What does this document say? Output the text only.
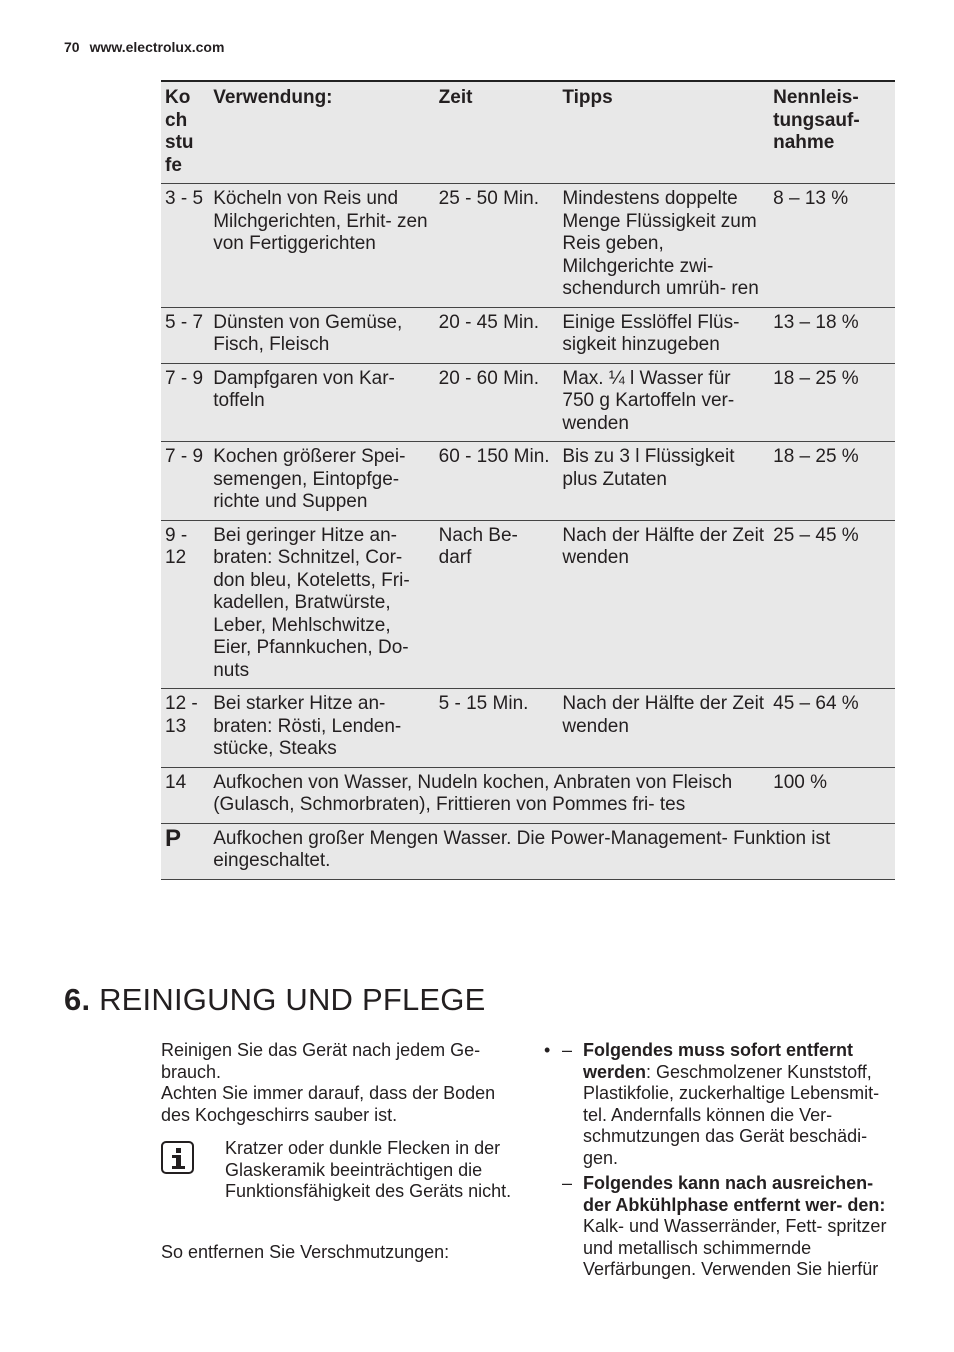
70 www.electrolux.com
Ko ch stu fe	Verwendung:	Zeit	Tipps	Nennleis- tungsauf- nahme
3 - 5	Köcheln von Reis und Milchgerichten, Erhit- zen von Fertiggerichten	25 - 50 Min.	Mindestens doppelte Menge Flüssigkeit zum Reis geben, Milchgerichte zwi- schendurch umrüh- ren	8 – 13 %
5 - 7	Dünsten von Gemüse, Fisch, Fleisch	20 - 45 Min.	Einige Esslöffel Flüs- sigkeit hinzugeben	13 – 18 %
7 - 9	Dampfgaren von Kar- toffeln	20 - 60 Min.	Max. ¼ l Wasser für 750 g Kartoffeln ver- wenden	18 – 25 %
7 - 9	Kochen größerer Spei- semengen, Eintopfge- richte und Suppen	60 - 150 Min.	Bis zu 3 l Flüssigkeit plus Zutaten	18 – 25 %
9 - 12	Bei geringer Hitze an- braten: Schnitzel, Cor- don bleu, Koteletts, Fri- kadellen, Bratwürste, Leber, Mehlschwitze, Eier, Pfannkuchen, Do- nuts	Nach Be- darf	Nach der Hälfte der Zeit wenden	25 – 45 %
12 - 13	Bei starker Hitze an- braten: Rösti, Lenden- stücke, Steaks	5 - 15 Min.	Nach der Hälfte der Zeit wenden	45 – 64 %
14	Aufkochen von Wasser, Nudeln kochen, Anbraten von Fleisch (Gulasch, Schmorbraten), Frittieren von Pommes fri- tes			100 %
P	Aufkochen großer Mengen Wasser. Die Power-Management- Funktion ist eingeschaltet.			
6. REINIGUNG UND PFLEGE

Reinigen Sie das Gerät nach jedem Ge- brauch.

Achten Sie immer darauf, dass der Boden des Kochgeschirrs sauber ist.

Kratzer oder dunkle Flecken in der Glaskeramik beeinträchtigen die Funktionsfähigkeit des Geräts nicht.
So entfernen Sie Verschmutzungen:
• – Folgendes muss sofort entfernt werden: Geschmolzener Kunststoff, Plastikfolie, zuckerhaltige Lebensmit- tel. Andernfalls können die Ver- schmutzungen das Gerät beschädi- gen.
– Folgendes kann nach ausreichen- der Abkühlphase entfernt wer- den: Kalk- und Wasserränder, Fett- spritzer und metallisch schimmernde Verfärbungen. Verwenden Sie hierfür
